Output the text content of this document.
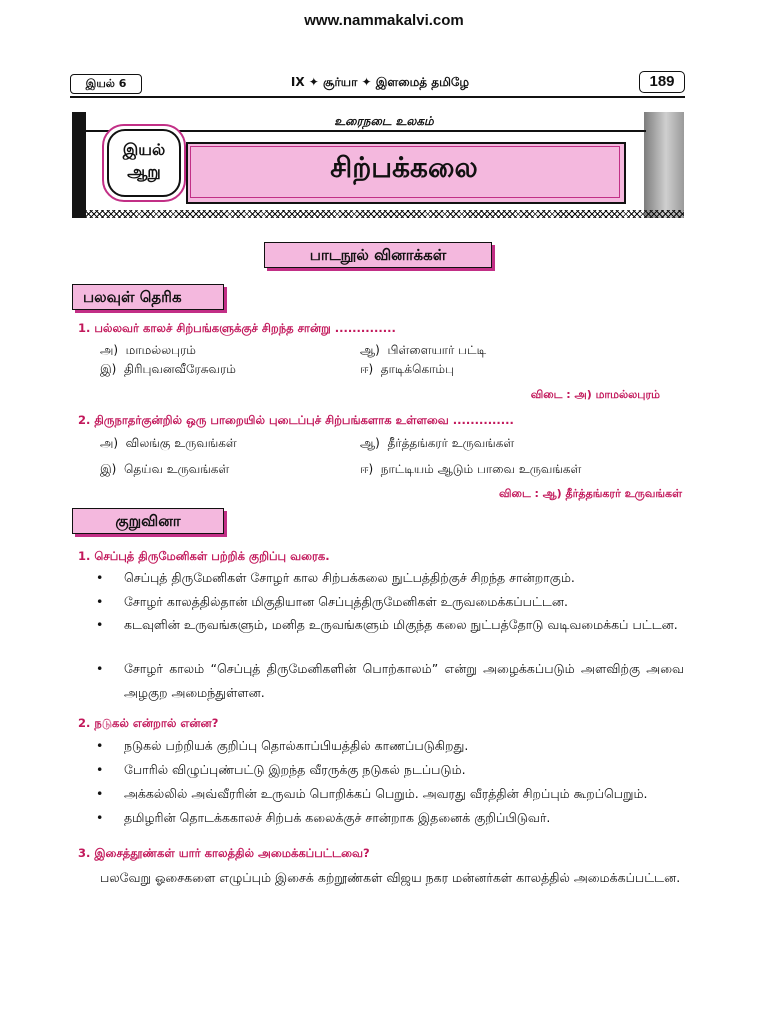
www.nammakalvi.com
இயல் 6	IX ✦ சூர்யா ✦ இளமைத் தமிழே	189
உரைநடை உலகம்
சிற்பக்கலை
இயல்
ஆறு
பாடநூல் வினாக்கள்
பலவுள் தெரிக
1. பல்லவர் காலச் சிற்பங்களுக்குச் சிறந்த சான்று ..............
அ) மாமல்லபுரம்	ஆ) பிள்ளையார் பட்டி
இ) திரிபுவனவீரேசுவரம்	ஈ) தாடிக்கொம்பு
விடை : அ) மாமல்லபுரம்
2. திருநாதர்குன்றில் ஒரு பாறையில் புடைப்புச் சிற்பங்களாக உள்ளவை ..............
அ) விலங்கு உருவங்கள்	ஆ) தீர்த்தங்கரர் உருவங்கள்
இ) தெய்வ உருவங்கள்	ஈ) நாட்டியம் ஆடும் பாவை உருவங்கள்
விடை : ஆ) தீர்த்தங்கரர் உருவங்கள்
குறுவினா
1. செப்புத் திருமேனிகள் பற்றிக் குறிப்பு வரைக.
•	செப்புத் திருமேனிகள் சோழர் கால சிற்பக்கலை நுட்பத்திற்குச் சிறந்த சான்றாகும்.
•	சோழர் காலத்தில்தான் மிகுதியான செப்புத்திருமேனிகள் உருவமைக்கப்பட்டன.
•	கடவுளின் உருவங்களும், மனித உருவங்களும் மிகுந்த கலை நுட்பத்தோடு வடிவமைக்கப் பட்டன.
•	சோழர் காலம் “செப்புத் திருமேனிகளின் பொற்காலம்” என்று அழைக்கப்படும் அளவிற்கு அவை அழகுற அமைந்துள்ளன.
2. நடுகல் என்றால் என்ன?
•	நடுகல் பற்றியக் குறிப்பு தொல்காப்பியத்தில் காணப்படுகிறது.
•	போரில் விழுப்புண்பட்டு இறந்த வீரருக்கு நடுகல் நடப்படும்.
•	அக்கல்லில் அவ்வீரரின் உருவம் பொறிக்கப் பெறும். அவரது வீரத்தின் சிறப்பும் கூறப்பெறும்.
•	தமிழரின் தொடக்ககாலச் சிற்பக் கலைக்குச் சான்றாக இதனைக் குறிப்பிடுவர்.
3. இசைத்தூண்கள் யார் காலத்தில் அமைக்கப்பட்டவை?
பலவேறு ஓசைகளை எழுப்பும் இசைக் கற்றூண்கள் விஜய நகர மன்னர்கள் காலத்தில் அமைக்கப்பட்டன.
